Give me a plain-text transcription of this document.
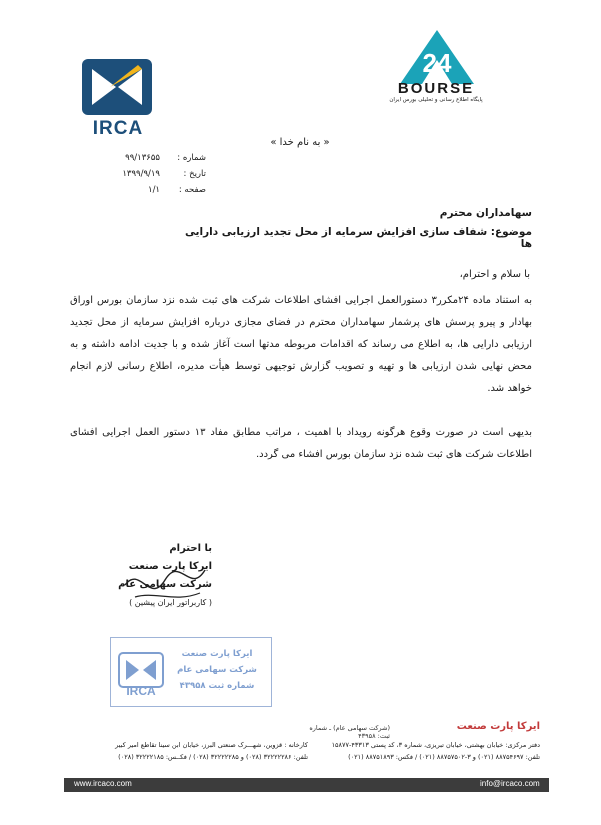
IRCA
24
BOURSE
پایگاه اطلاع رسانی و تحلیلی بورس ایران
« به نام خدا »
شماره :
تاریخ :
صفحه :
۹۹/۱۳۶۵۵
۱۳۹۹/۹/۱۹
۱/۱
سهامداران محترم
موضوع: شفاف سازی افزایش سرمایه از محل تجدید ارزیابی دارایی ها
با سلام و احترام،
به استناد ماده ۲۴مکرر۳ دستورالعمل اجرایی افشای اطلاعات شرکت های ثبت شده نزد سازمان بورس اوراق بهادار و پیرو پرسش های پرشمار سهامداران محترم در فضای مجازی درباره افزایش سرمایه از محل تجدید ارزیابی دارایی ها، به اطلاع می رساند که اقدامات مربوطه مدتها است آغاز شده و با جدیت ادامه داشته و به محض نهایی شدن ارزیابی ها و تهیه و تصویب گزارش توجیهی توسط هیأت مدیره، اطلاع رسانی لازم انجام خواهد شد.
بدیهی است در صورت وقوع هرگونه رویداد با اهمیت ، مراتب مطابق مفاد ۱۳ دستور العمل اجرایی افشای اطلاعات شرکت های ثبت شده نزد سازمان بورس افشاء می گردد.
با احترام
ایرکا پارت صنعت
شرکت سهامی عام
( کاربراتور ایران پیشین )
IRCA
ایرکا پارت صنعت
شرکت سهامی عام
شماره ثبت ۴۳۹۵۸
ایرکا پارت صنعت
(شرکت سهامی عام) ـ شماره ثبت: ۴۳۹۵۸
دفتر مرکزی: خیابان بهشتی، خیابان تبریزی، شماره ۳، کد پستی ۴۳۳۱۳-۱۵۸۷۷
تلفن: ۸۸۷۵۴۶۹۷ (۰۲۱) و ۳-۸۸۷۵۷۵۰۲ (۰۲۱) / فکس: ۸۸۷۵۱۸۹۳ (۰۲۱)
کارخانه : قزوین، شهـــرک صنعتی البرز، خیابان ابن سینا تقاطع امیر کبیر
تلفن: ۳۲۲۲۲۲۸۶ (۰۲۸) و ۳۲۲۲۲۲۸۵ (۰۲۸) / فکــس: ۳۲۲۲۲۱۸۵ (۰۲۸)
www.ircaco.com	info@ircaco.com
